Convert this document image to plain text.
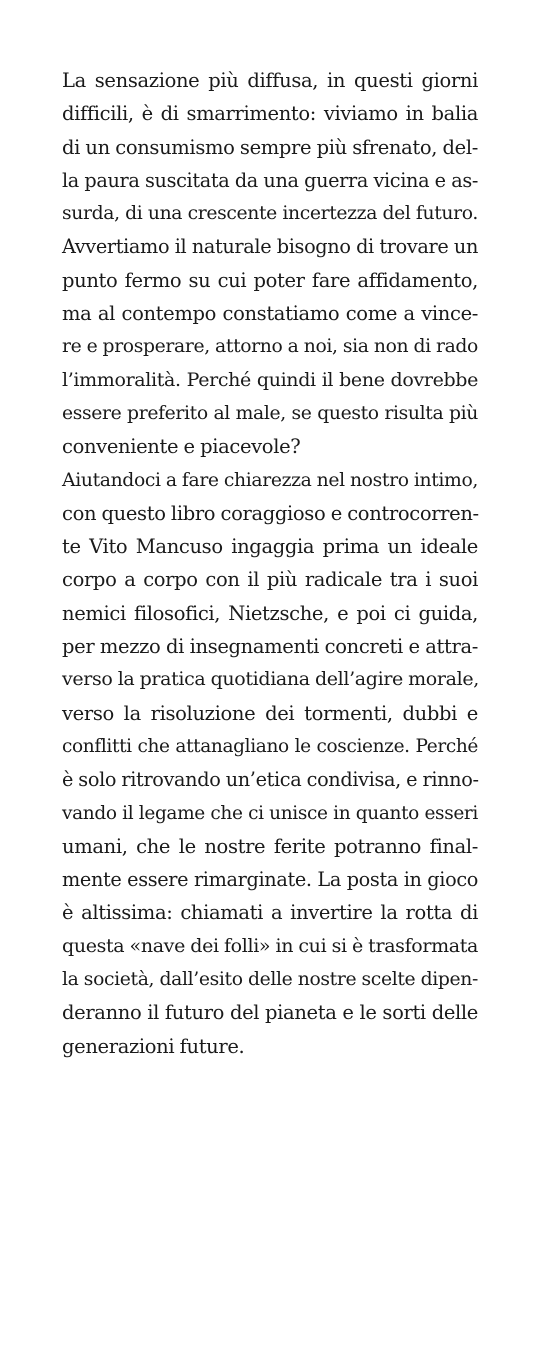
La sensazione più diffusa, in questi giorni
difficili, è di smarrimento: viviamo in balia
di un consumismo sempre più sfrenato, del-
la paura suscitata da una guerra vicina e as-
surda, di una crescente incertezza del futuro.
Avvertiamo il naturale bisogno di trovare un
punto fermo su cui poter fare affidamento,
ma al contempo constatiamo come a vince-
re e prosperare, attorno a noi, sia non di rado
l’immoralità. Perché quindi il bene dovrebbe
essere preferito al male, se questo risulta più
conveniente e piacevole?
Aiutandoci a fare chiarezza nel nostro intimo,
con questo libro coraggioso e controcorren-
te Vito Mancuso ingaggia prima un ideale
corpo a corpo con il più radicale tra i suoi
nemici filosofici, Nietzsche, e poi ci guida,
per mezzo di insegnamenti concreti e attra-
verso la pratica quotidiana dell’agire morale,
verso la risoluzione dei tormenti, dubbi e
conflitti che attanagliano le coscienze. Perché
è solo ritrovando un’etica condivisa, e rinno-
vando il legame che ci unisce in quanto esseri
umani, che le nostre ferite potranno final-
mente essere rimarginate. La posta in gioco
è altissima: chiamati a invertire la rotta di
questa «nave dei folli» in cui si è trasformata
la società, dall’esito delle nostre scelte dipen-
deranno il futuro del pianeta e le sorti delle
generazioni future.
